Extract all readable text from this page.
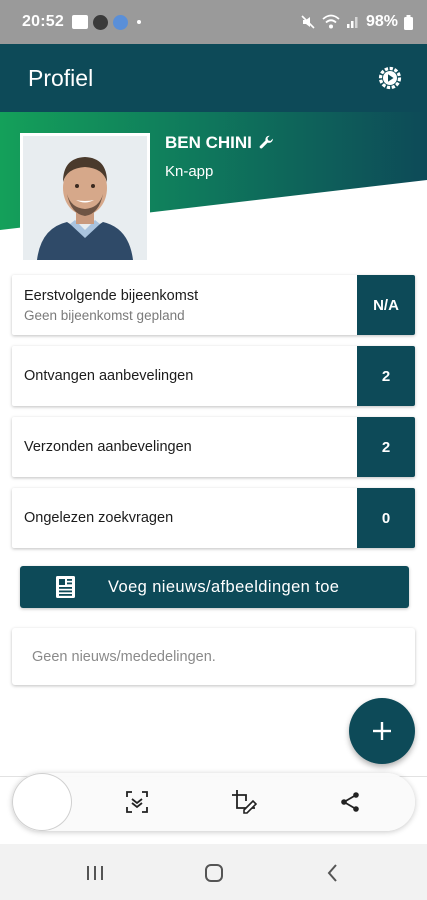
20:52	98%
Profiel
BEN CHINI
Kn-app
Eerstvolgende bijeenkomst
Geen bijeenkomst gepland
N/A
Ontvangen aanbevelingen	2
Verzonden aanbevelingen	2
Ongelezen zoekvragen	0
Voeg nieuws/afbeeldingen toe
Geen nieuws/mededelingen.
